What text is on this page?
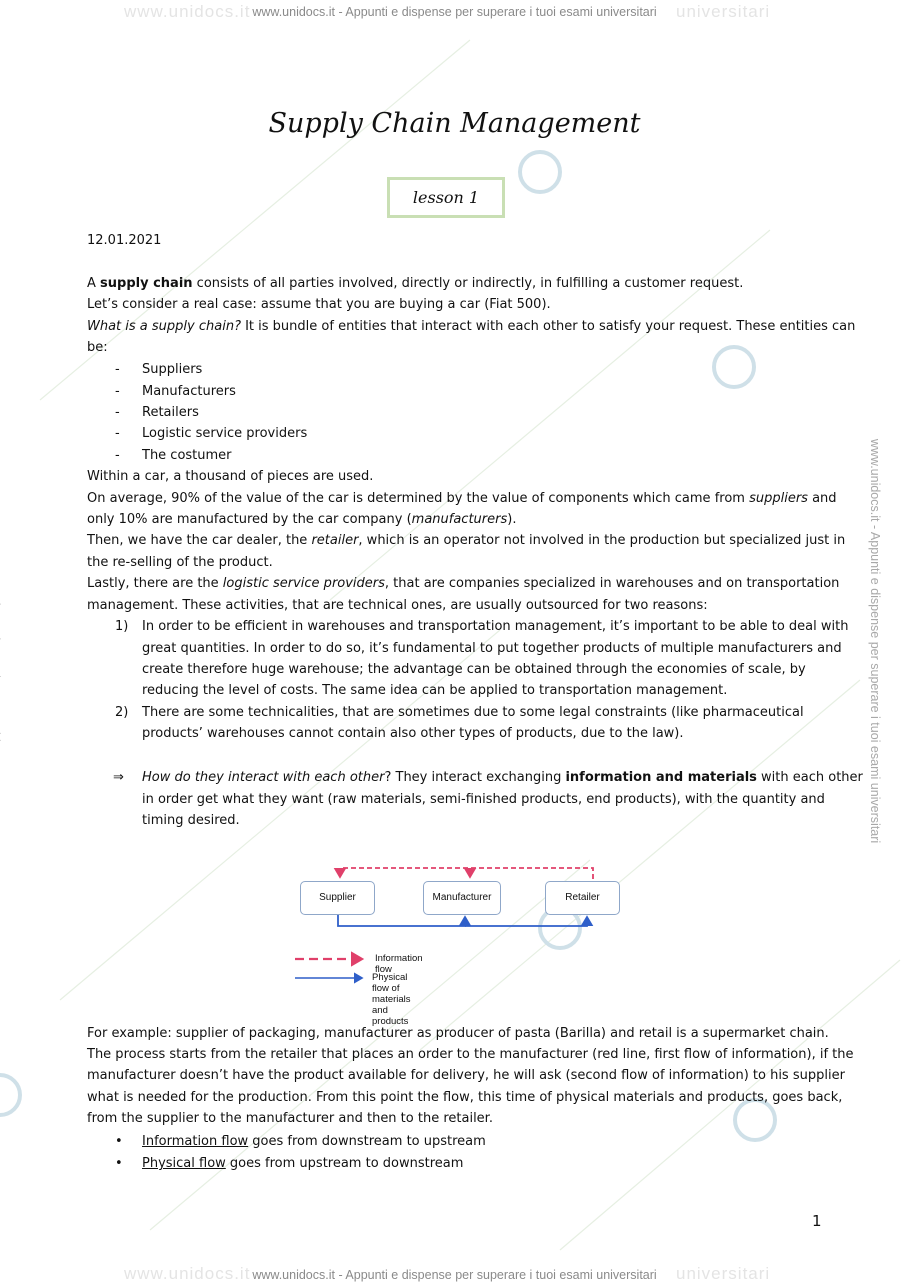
www.unidocs.it	universitari
www.unidocs.it - Appunti e dispense per superare i tuoi esami universitari
www.unidocs.it	universitari
www.unidocs.it - Appunti e dispense per superare i tuoi esami universitari
www.unidocs.it - Appunti e dispense per superare i tuoi esami universitari
Supply Chain Management
lesson 1
12.01.2021
A supply chain consists of all parties involved, directly or indirectly, in fulfilling a customer request.
Let’s consider a real case: assume that you are buying a car (Fiat 500).
What is a supply chain? It is bundle of entities that interact with each other to satisfy your request. These entities can
be:
- Suppliers
- Manufacturers
- Retailers
- Logistic service providers
- The costumer
Within a car, a thousand of pieces are used.
On average, 90% of the value of the car is determined by the value of components which came from suppliers and
only 10% are manufactured by the car company (manufacturers).
Then, we have the car dealer, the retailer, which is an operator not involved in the production but specialized just in
the re-selling of the product.
Lastly, there are the logistic service providers, that are companies specialized in warehouses and on transportation
management. These activities, that are technical ones, are usually outsourced for two reasons:
1) In order to be efficient in warehouses and transportation management, it’s important to be able to deal with
great quantities. In order to do so, it’s fundamental to put together products of multiple manufacturers and
create therefore huge warehouse; the advantage can be obtained through the economies of scale, by
reducing the level of costs. The same idea can be applied to transportation management.
2) There are some technicalities, that are sometimes due to some legal constraints (like pharmaceutical
products’ warehouses cannot contain also other types of products, due to the law).
⇒ How do they interact with each other? They interact exchanging information and materials with each other
in order get what they want (raw materials, semi-finished products, end products), with the quantity and
timing desired.
Supplier	Manufacturer	Retailer
Information flow
Physical flow of materials and products
For example: supplier of packaging, manufacturer as producer of pasta (Barilla) and retail is a supermarket chain.
The process starts from the retailer that places an order to the manufacturer (red line, first flow of information), if the
manufacturer doesn’t have the product available for delivery, he will ask (second flow of information) to his supplier
what is needed for the production. From this point the flow, this time of physical materials and products, goes back,
from the supplier to the manufacturer and then to the retailer.
• Information flow goes from downstream to upstream
• Physical flow goes from upstream to downstream
1
